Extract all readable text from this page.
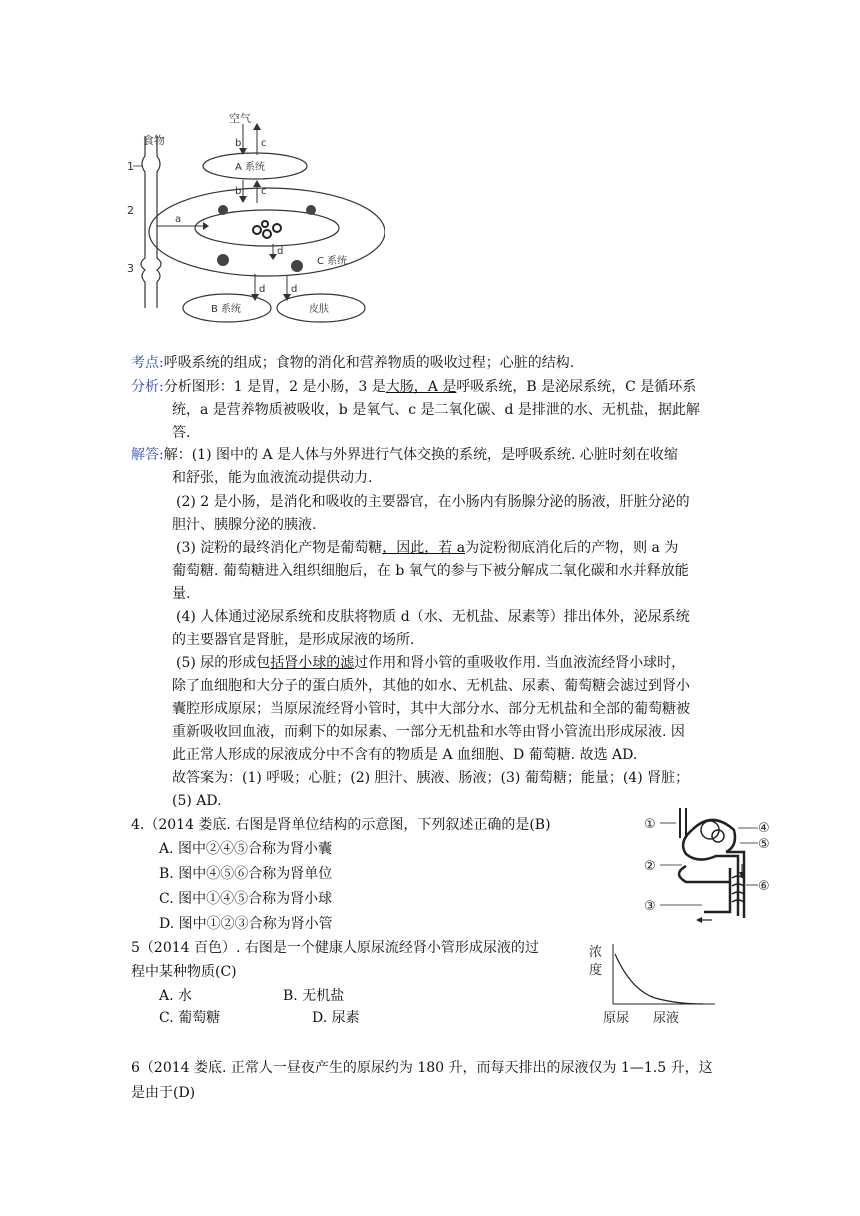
食物
1
2
3
a
空气
b c
A 系统
b c
d
C 系统
d	d
B 系统	皮肤
考点:呼吸系统的组成；食物的消化和营养物质的吸收过程；心脏的结构.
分析:分析图形：1 是胃，2 是小肠，3 是大肠，A 是呼吸系统，B 是泌尿系统，C 是循环系
统，a 是营养物质被吸收，b 是氧气、c 是二氧化碳、d 是排泄的水、无机盐，据此解
答.
解答:解：(1) 图中的 A 是人体与外界进行气体交换的系统，是呼吸系统. 心脏时刻在收缩
和舒张，能为血液流动提供动力.
(2) 2 是小肠，是消化和吸收的主要器官，在小肠内有肠腺分泌的肠液，肝脏分泌的
胆汁、胰腺分泌的胰液.
(3) 淀粉的最终消化产物是葡萄糖，因此，若 a为淀粉彻底消化后的产物，则 a 为
葡萄糖. 葡萄糖进入组织细胞后，在 b 氧气的参与下被分解成二氧化碳和水并释放能
量.
(4) 人体通过泌尿系统和皮肤将物质 d（水、无机盐、尿素等）排出体外，泌尿系统
的主要器官是肾脏，是形成尿液的场所.
(5) 尿的形成包括肾小球的滤过作用和肾小管的重吸收作用. 当血液流经肾小球时，
除了血细胞和大分子的蛋白质外，其他的如水、无机盐、尿素、葡萄糖会滤过到肾小
囊腔形成原尿；当原尿流经肾小管时，其中大部分水、部分无机盐和全部的葡萄糖被
重新吸收回血液，而剩下的如尿素、一部分无机盐和水等由肾小管流出形成尿液. 因
此正常人形成的尿液成分中不含有的物质是 A 血细胞、D 葡萄糖. 故选 AD.
故答案为：(1) 呼吸；心脏；(2) 胆汁、胰液、肠液；(3) 葡萄糖；能量；(4) 肾脏；
(5) AD.
4.（2014 娄底. 右图是肾单位结构的示意图，下列叙述正确的是(B)
A. 图中②④⑤合称为肾小囊
B. 图中④⑤⑥合称为肾单位
C. 图中①④⑤合称为肾小球
D. 图中①②③合称为肾小管
①
②
③
④
⑤
⑥
5（2014 百色）. 右图是一个健康人原尿流经肾小管形成尿液的过
程中某种物质(C)
A. 水	B. 无机盐
C. 葡萄糖	D. 尿素
浓
度
原尿 尿液
6（2014 娄底. 正常人一昼夜产生的原尿约为 180 升，而每天排出的尿液仅为 1—1.5 升，这
是由于(D)
